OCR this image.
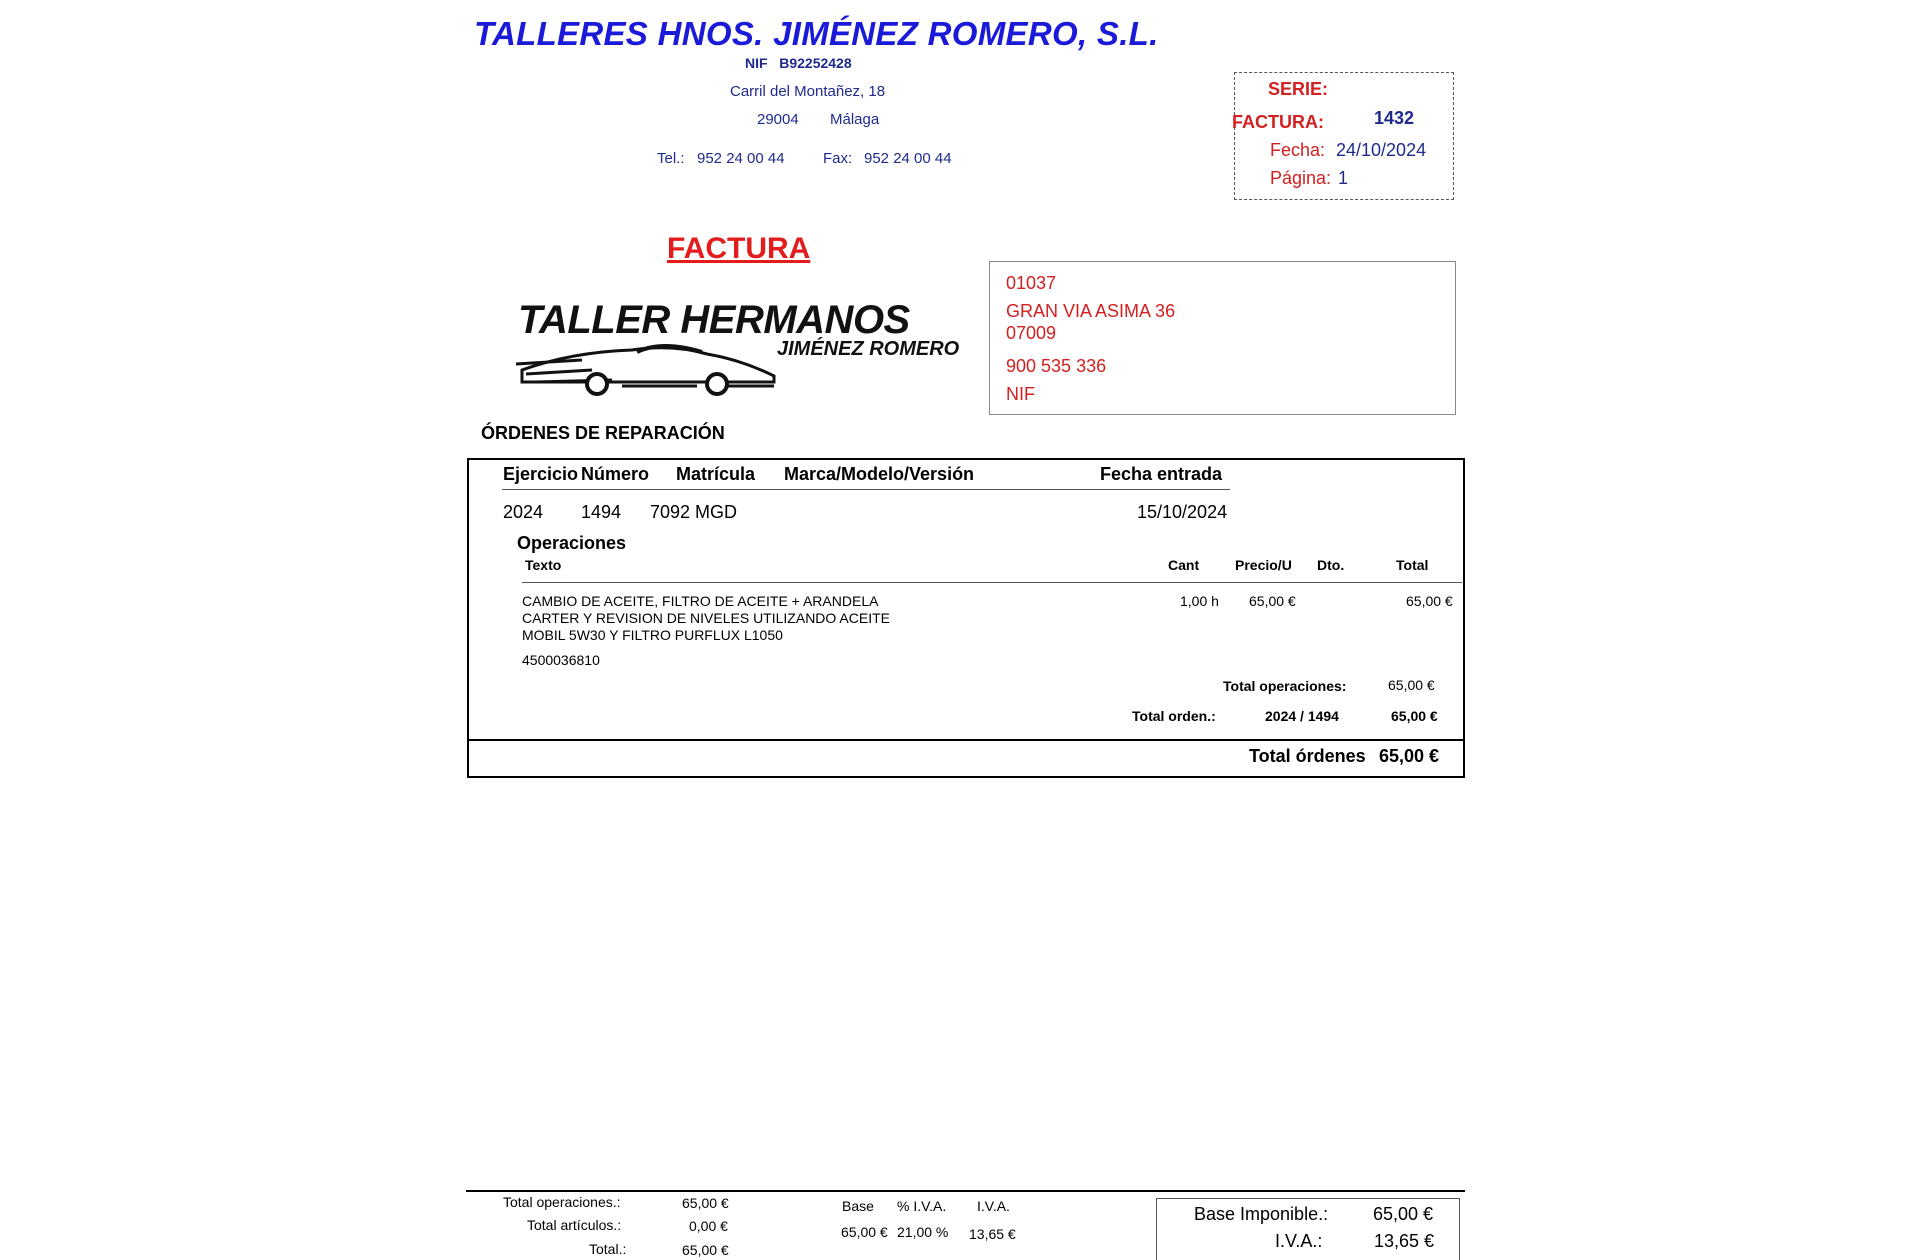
TALLERES HNOS. JIMÉNEZ ROMERO, S.L.
NIF B92252428
Carril del Montañez, 18
29004 Málaga
Tel.: 952 24 00 44	Fax: 952 24 00 44
SERIE:
FACTURA:	1432
Fecha: 24/10/2024
Página: 1
FACTURA
TALLER HERMANOS
JIMÉNEZ ROMERO
01037
GRAN VIA ASIMA 36
07009
900 535 336
NIF
ÓRDENES DE REPARACIÓN
Ejercicio Número Matrícula Marca/Modelo/Versión	Fecha entrada
2024 1494 7092 MGD	15/10/2024
Operaciones
Texto	Cant	Precio/U Dto.	Total
CAMBIO DE ACEITE, FILTRO DE ACEITE + ARANDELA
CARTER Y REVISION DE NIVELES UTILIZANDO ACEITE
MOBIL 5W30 Y FILTRO PURFLUX L1050
4500036810
1,00 h 65,00 €	65,00 €
Total operaciones:	65,00 €
Total orden.:	2024 / 1494	65,00 €
Total órdenes 65,00 €
Total operaciones.:	65,00 €
Total artículos.:	0,00 €
Total.:	65,00 €
Base % I.V.A. I.V.A.
65,00 € 21,00 % 13,65 €
Base Imponible.: 65,00 €
I.V.A.:	13,65 €
